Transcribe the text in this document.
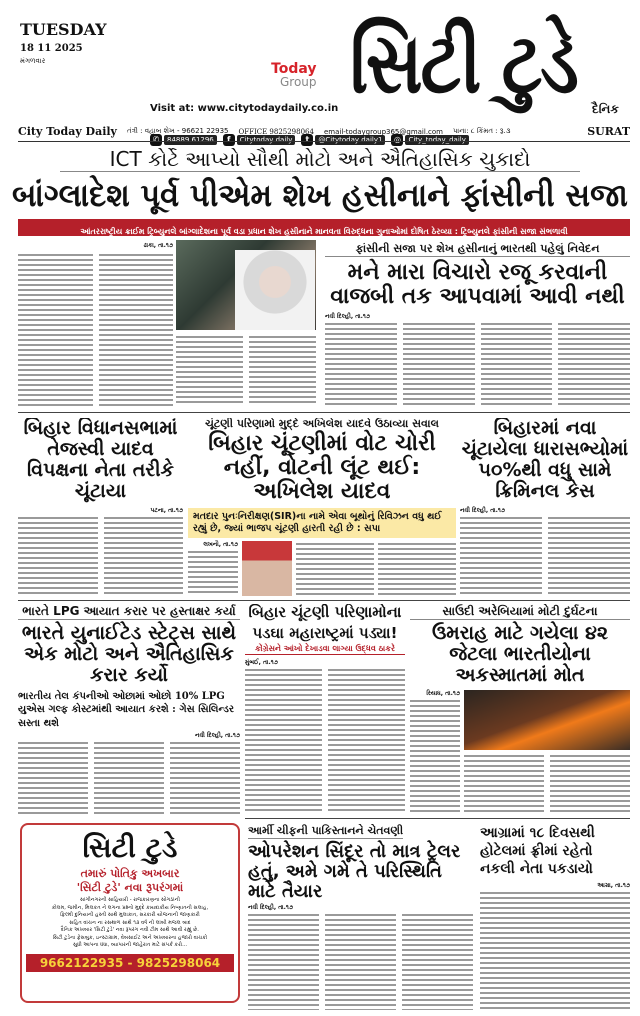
TUESDAY
18 11 2025
મંગળવાર	Today
Group
Visit at: www.citytodaydaily.co.in
✆	84889 61296	f	Citytoday daily	t	@Citytoday daily1	◎	City_today_daily
સિટી ટુડે	દૈનિક
City Today Daily તંત્રી : વહાબ શેખ - 96621 22935 OFFICE 9825298064 email-todaygroup365@gmail.com પાના: ૮ કિંમત : રૂ.૩	SURAT
ICT કોર્ટે આપ્યો સૌથી મોટો અને ઐતિહાસિક ચુકાદો
બાંગ્લાદેશ પૂર્વ પીએમ શેખ હસીનાને ફાંસીની સજા
આંતરરાષ્ટ્રીય ક્રાઈમ ટ્રિબ્યુનલે બાંગ્લાદેશના પૂર્વ વડા પ્રધાન શેખ હસીનાને માનવતા વિરુદ્ધના ગુનાઓમાં દોષિત ઠેરવ્યા : ટ્રિબ્યુનલે ફાંસીની સજા સંભળાવી
ઢાકા, તા.૧૭	ફાંસીની સજા પર શેખ હસીનાનું ભારતથી પહેલું નિવેદન
મને મારા વિચારો રજૂ કરવાની વાજબી તક આપવામાં આવી નથી
નવી દિલ્હી, તા.૧૭
બિહાર વિધાનસભામાં તેજસ્વી યાદવ વિપક્ષના નેતા તરીકે ચૂંટાયા
પટના, તા.૧૭
ચૂંટણી પરિણામો મુદ્દે અખિલેશ યાદવે ઉઠાવ્યા સવાલ
બિહાર ચૂંટણીમાં વોટ ચોરી નહીં, વોટની લૂંટ થઈ: અખિલેશ યાદવ
મતદાર પુનઃનિરીક્ષણ(SIR)ના નામે એવા બૂથોનું રિવિઝન વધુ થઈ રહ્યું છે, જ્યાં ભાજપ ચૂંટણી હારતી રહી છે : સપા
લખનૌ, તા.૧૭
બિહારમાં નવા ચૂંટાયેલા ધારાસભ્યોમાં ૫૦%થી વધુ સામે ક્રિમિનલ કેસ
નવી દિલ્હી, તા.૧૭
ભારતે LPG આયાત કરાર પર હસ્તાક્ષર કર્યા
ભારતે યુનાઈટેડ સ્ટેટ્સ સાથે એક મોટો અને ઐતિહાસિક કરાર કર્યો
ભારતીય તેલ કંપનીઓ ઓછામાં ઓછો 10% LPG યુએસ ગલ્ફ કોસ્ટમાંથી આયાત કરશે : ગેસ સિલિન્ડર સસ્તા થશે
નવી દિલ્હી, તા.૧૭
બિહાર ચૂંટણી પરિણામોના
પડઘા મહારાષ્ટ્રમાં પડ્યા!
કોંગ્રેસને આંખો દેખાડવા લાગ્યા ઉદ્ધવ ઠાકરે
મુંબઈ, તા.૧૭
સાઉદી અરેબિયામાં મોટી દુર્ઘટના
ઉમરાહ માટે ગયેલા ૪૨ જેટલા ભારતીયોના અકસ્માતમાં મોત
રિયાધ, તા.૧૭
સિટી ટુડે
તમારું પોતિકુ અખબાર
'સિટી ટુડે' નવા રૂપરંગમાં
સાંગીનગરની સાહિયારી - રાજકારણના સોગઠાંની
કોલમ, જમીન, મિલકત ને લગના પ્રશ્નો મુદ્દે કાયદાકીય નિષ્ણાતની સલાહ,
ફિલ્મી દુનિયાની હસ્તી સાથે મુલાકાત, સરકારી યોજનાની જાણકારી
સહિત વાંચન ના રસથાળ સાથે ૧૩ વર્ષ ની લાંબી મજલ બાદ
દૈનિક અખબાર 'સિટી ટુડે' નવા રૂપરંગ નવી ટીમ સાથે આવી રહ્યું છે.
સિટી ટુડેના ફેસબુક, ઇન્સ્ટાગ્રામ, વેબસાઈટ અને અખબારના હજારો વાચકો
સુધી આપના ધંધા, વ્યાપારની જાહેરાત માટે સંપર્ક કરો...
9662122935 - 9825298064
આર્મી ચીફની પાકિસ્તાનને ચેતવણી
ઓપરેશન સિંદૂર તો માત્ર ટ્રેલર હતું, અમે ગમે તે પરિસ્થિતિ માટે તૈયાર
નવી દિલ્હી, તા.૧૭
આગ્રામાં ૧૮ દિવસથી હોટેલમાં ફ્રીમાં રહેતો નકલી નેતા પકડાયો
આગ્રા, તા.૧૭
